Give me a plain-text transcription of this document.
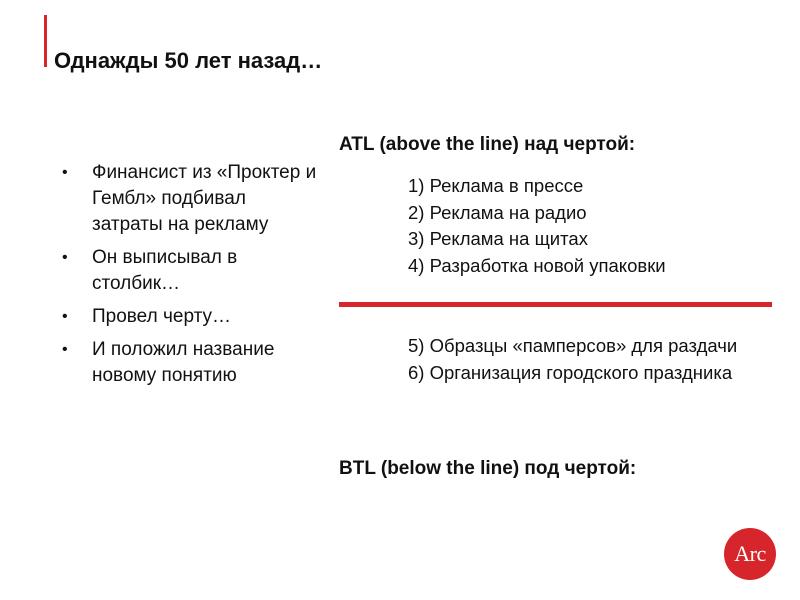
Однажды 50 лет назад…
• Финансист из «Проктер и Гембл» подбивал затраты на рекламу
• Он выписывал в столбик…
• Провел черту…
• И положил название новому понятию
ATL (above the line) над чертой:
1) Реклама в прессе
2) Реклама на радио
3) Реклама на щитах
4) Разработка новой упаковки
5) Образцы «памперсов» для раздачи
6) Организация городского праздника
BTL (below the line) под чертой:
Arc
